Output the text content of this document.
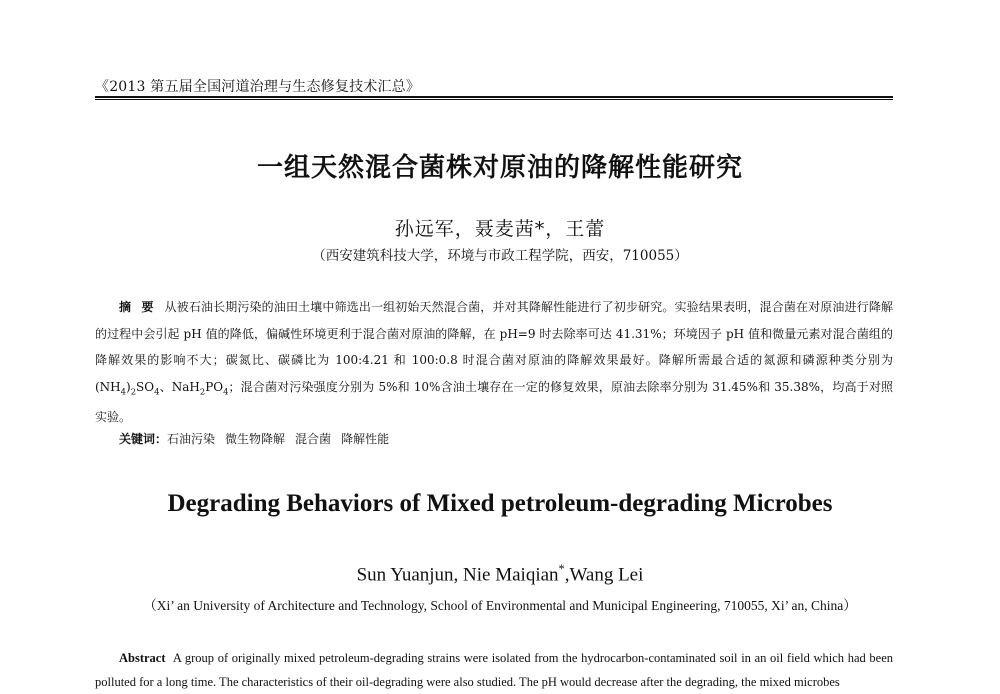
《2013 第五届全国河道治理与生态修复技术汇总》
一组天然混合菌株对原油的降解性能研究
孙远军，聂麦茜*，王蕾
（西安建筑科技大学，环境与市政工程学院，西安，710055）
摘 要 从被石油长期污染的油田土壤中筛选出一组初始天然混合菌，并对其降解性能进行了初步研究。实验结果表明，混合菌在对原油进行降解的过程中会引起 pH 值的降低，偏碱性环境更利于混合菌对原油的降解，在 pH=9 时去除率可达 41.31%；环境因子 pH 值和微量元素对混合菌组的降解效果的影响不大；碳氮比、碳磷比为 100:4.21 和 100:0.8 时混合菌对原油的降解效果最好。降解所需最合适的氮源和磷源种类分别为$(NH_4)_2SO_4$、$NaH_2PO_4$；混合菌对污染强度分别为 5%和 10%含油土壤存在一定的修复效果，原油去除率分别为 31.45%和 35.38%，均高于对照实验。
关键词：石油污染 微生物降解 混合菌 降解性能
Degrading Behaviors of Mixed petroleum-degrading Microbes
Sun Yuanjun, Nie Maiqian*,Wang Lei
（Xi’ an University of Architecture and Technology, School of Environmental and Municipal Engineering, 710055, Xi’ an, China）
Abstract A group of originally mixed petroleum-degrading strains were isolated from the hydrocarbon-contaminated soil in an oil field which had been polluted for a long time. The characteristics of their oil-degrading were also studied. The pH would decrease after the degrading, the mixed microbes
